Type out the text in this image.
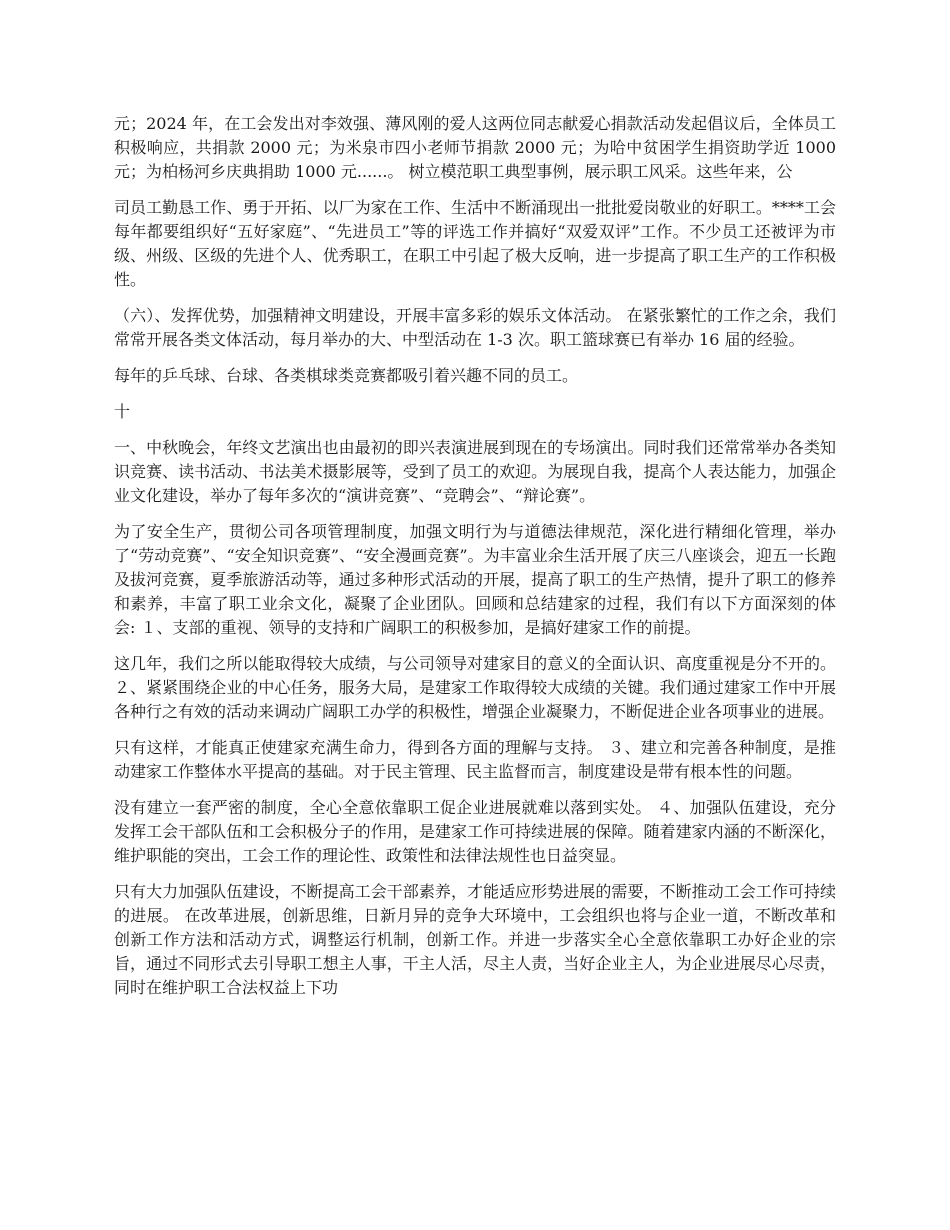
元；2024 年，在工会发出对李效强、薄风刚的爱人这两位同志献爱心捐款活动发起倡议后，全体员工积极响应，共捐款 2000 元；为米泉市四小老师节捐款 2000 元；为哈中贫困学生捐资助学近 1000 元；为柏杨河乡庆典捐助 1000 元......。 树立模范职工典型事例，展示职工风采。这些年来，公

司员工勤恳工作、勇于开拓、以厂为家在工作、生活中不断涌现出一批批爱岗敬业的好职工。****工会每年都要组织好“五好家庭”、“先进员工”等的评选工作并搞好“双爱双评”工作。不少员工还被评为市级、州级、区级的先进个人、优秀职工，在职工中引起了极大反响，进一步提高了职工生产的工作积极性。

（六）、发挥优势，加强精神文明建设，开展丰富多彩的娱乐文体活动。 在紧张繁忙的工作之余，我们常常开展各类文体活动，每月举办的大、中型活动在 1-3 次。职工篮球赛已有举办 16 届的经验。

每年的乒乓球、台球、各类棋球类竞赛都吸引着兴趣不同的员工。

十

一、中秋晚会，年终文艺演出也由最初的即兴表演进展到现在的专场演出。同时我们还常常举办各类知识竞赛、读书活动、书法美术摄影展等，受到了员工的欢迎。为展现自我，提高个人表达能力，加强企业文化建设，举办了每年多次的“演讲竞赛”、“竞聘会”、“辩论赛”。

为了安全生产，贯彻公司各项管理制度，加强文明行为与道德法律规范，深化进行精细化管理，举办了“劳动竞赛”、“安全知识竞赛”、“安全漫画竞赛”。为丰富业余生活开展了庆三八座谈会，迎五一长跑及拔河竞赛，夏季旅游活动等，通过多种形式活动的开展，提高了职工的生产热情，提升了职工的修养和素养，丰富了职工业余文化，凝聚了企业团队。回顾和总结建家的过程，我们有以下方面深刻的体会: １、支部的重视、领导的支持和广阔职工的积极参加，是搞好建家工作的前提。

这几年，我们之所以能取得较大成绩，与公司领导对建家目的意义的全面认识、高度重视是分不开的。 ２、紧紧围绕企业的中心任务，服务大局，是建家工作取得较大成绩的关键。我们通过建家工作中开展各种行之有效的活动来调动广阔职工办学的积极性，增强企业凝聚力，不断促进企业各项事业的进展。

只有这样，才能真正使建家充满生命力，得到各方面的理解与支持。 ３、建立和完善各种制度，是推动建家工作整体水平提高的基础。对于民主管理、民主监督而言，制度建设是带有根本性的问题。

没有建立一套严密的制度，全心全意依靠职工促企业进展就难以落到实处。 ４、加强队伍建设，充分发挥工会干部队伍和工会积极分子的作用，是建家工作可持续进展的保障。随着建家内涵的不断深化，维护职能的突出，工会工作的理论性、政策性和法律法规性也日益突显。

只有大力加强队伍建设，不断提高工会干部素养，才能适应形势进展的需要，不断推动工会工作可持续的进展。 在改革进展，创新思维，日新月异的竞争大环境中，工会组织也将与企业一道，不断改革和创新工作方法和活动方式，调整运行机制，创新工作。并进一步落实全心全意依靠职工办好企业的宗旨，通过不同形式去引导职工想主人事，干主人活，尽主人责，当好企业主人，为企业进展尽心尽责，同时在维护职工合法权益上下功
